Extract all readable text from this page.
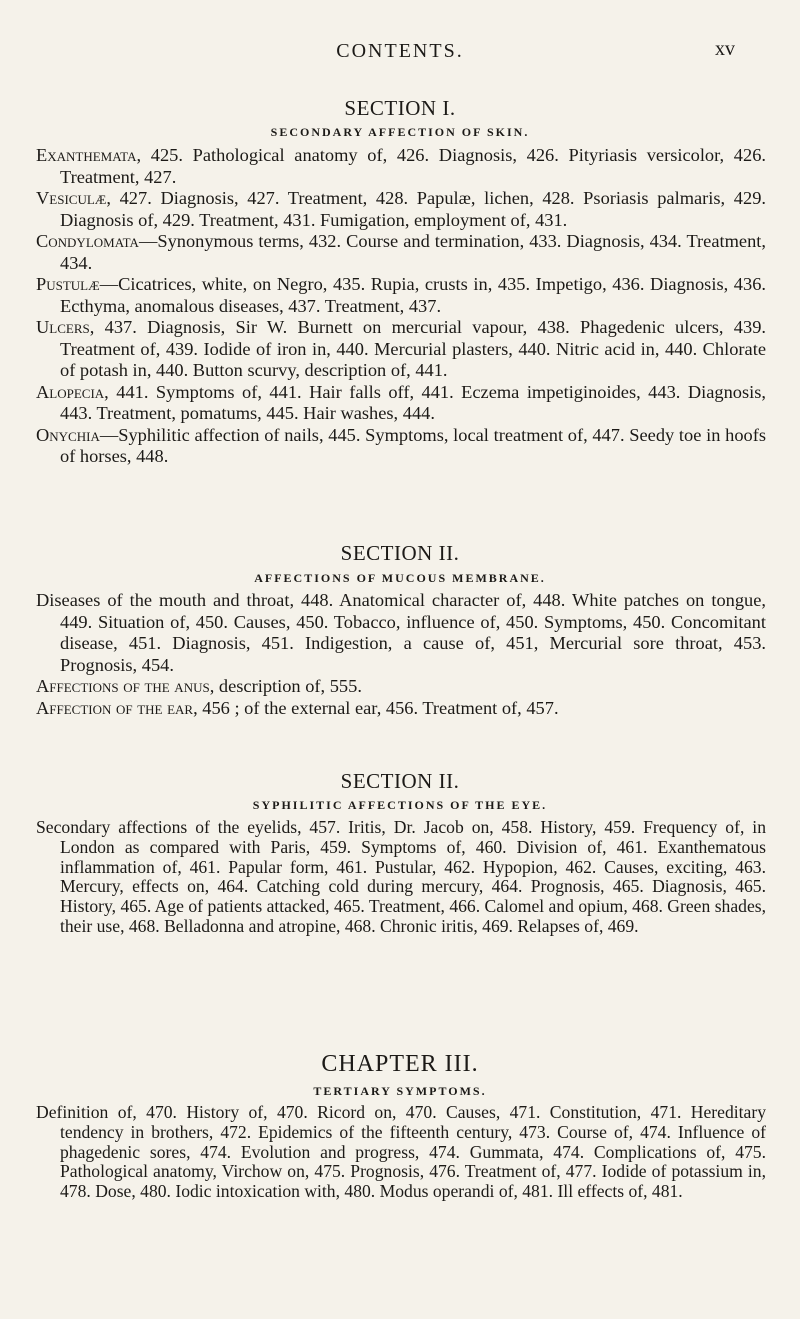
CONTENTS.	xv
SECTION I.
SECONDARY AFFECTION OF SKIN.

Exanthemata, 425. Pathological anatomy of, 426. Diagnosis, 426. Pityriasis versicolor, 426. Treatment, 427.

Vesiculæ, 427. Diagnosis, 427. Treatment, 428. Papulæ, lichen, 428. Psoriasis palmaris, 429. Diagnosis of, 429. Treatment, 431. Fumigation, employment of, 431.

Condylomata—Synonymous terms, 432. Course and termination, 433. Diagnosis, 434. Treatment, 434.

Pustulæ—Cicatrices, white, on Negro, 435. Rupia, crusts in, 435. Impetigo, 436. Diagnosis, 436. Ecthyma, anomalous diseases, 437. Treatment, 437.

Ulcers, 437. Diagnosis, Sir W. Burnett on mercurial vapour, 438. Phagedenic ulcers, 439. Treatment of, 439. Iodide of iron in, 440. Mercurial plasters, 440. Nitric acid in, 440. Chlorate of potash in, 440. Button scurvy, description of, 441.

Alopecia, 441. Symptoms of, 441. Hair falls off, 441. Eczema impetiginoides, 443. Diagnosis, 443. Treatment, pomatums, 445. Hair washes, 444.

Onychia—Syphilitic affection of nails, 445. Symptoms, local treatment of, 447. Seedy toe in hoofs of horses, 448.

SECTION II.
AFFECTIONS OF MUCOUS MEMBRANE.

Diseases of the mouth and throat, 448. Anatomical character of, 448. White patches on tongue, 449. Situation of, 450. Causes, 450. Tobacco, influence of, 450. Symptoms, 450. Concomitant disease, 451. Diagnosis, 451. Indigestion, a cause of, 451, Mercurial sore throat, 453. Prognosis, 454.

Affections of the anus, description of, 555.

Affection of the ear, 456 ; of the external ear, 456. Treatment of, 457.

SECTION II.
SYPHILITIC AFFECTIONS OF THE EYE.

Secondary affections of the eyelids, 457. Iritis, Dr. Jacob on, 458. History, 459. Frequency of, in London as compared with Paris, 459. Symptoms of, 460. Division of, 461. Exanthematous inflammation of, 461. Papular form, 461. Pustular, 462. Hypopion, 462. Causes, exciting, 463. Mercury, effects on, 464. Catching cold during mercury, 464. Prognosis, 465. Diagnosis, 465. History, 465. Age of patients attacked, 465. Treatment, 466. Calomel and opium, 468. Green shades, their use, 468. Belladonna and atropine, 468. Chronic iritis, 469. Relapses of, 469.

CHAPTER III.
TERTIARY SYMPTOMS.

Definition of, 470. History of, 470. Ricord on, 470. Causes, 471. Constitution, 471. Hereditary tendency in brothers, 472. Epidemics of the fifteenth century, 473. Course of, 474. Influence of phagedenic sores, 474. Evolution and progress, 474. Gummata, 474. Complications of, 475. Pathological anatomy, Virchow on, 475. Prognosis, 476. Treatment of, 477. Iodide of potassium in, 478. Dose, 480. Iodic intoxication with, 480. Modus operandi of, 481. Ill effects of, 481.
